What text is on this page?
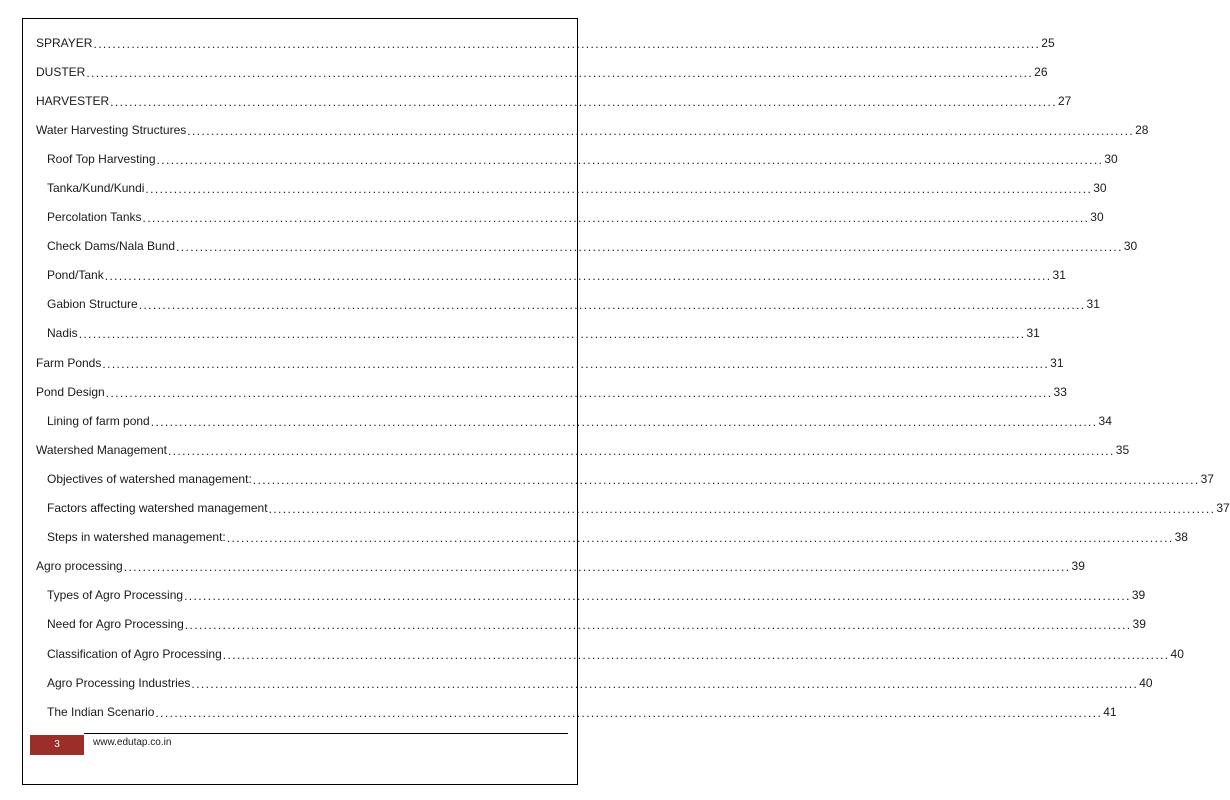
SPRAYER ........................................................................................................................................................................................................ 25
DUSTER ........................................................................................................................................................................................................ 26
HARVESTER ........................................................................................................................................................................................................ 27
Water Harvesting Structures ........................................................................................................................................................................................................ 28
Roof Top Harvesting ........................................................................................................................................................................................................ 30
Tanka/Kund/Kundi ........................................................................................................................................................................................................ 30
Percolation Tanks ........................................................................................................................................................................................................ 30
Check Dams/Nala Bund ........................................................................................................................................................................................................ 30
Pond/Tank ........................................................................................................................................................................................................ 31
Gabion Structure ........................................................................................................................................................................................................ 31
Nadis ........................................................................................................................................................................................................ 31
Farm Ponds ........................................................................................................................................................................................................ 31
Pond Design ........................................................................................................................................................................................................ 33
Lining of farm pond ........................................................................................................................................................................................................ 34
Watershed Management ........................................................................................................................................................................................................ 35
Objectives of watershed management: ........................................................................................................................................................................................................ 37
Factors affecting watershed management ........................................................................................................................................................................................................ 37
Steps in watershed management: ........................................................................................................................................................................................................ 38
Agro processing ........................................................................................................................................................................................................ 39
Types of Agro Processing ........................................................................................................................................................................................................ 39
Need for Agro Processing ........................................................................................................................................................................................................ 39
Classification of Agro Processing ........................................................................................................................................................................................................ 40
Agro Processing Industries ........................................................................................................................................................................................................ 40
The Indian Scenario ........................................................................................................................................................................................................ 41
3	www.edutap.co.in
